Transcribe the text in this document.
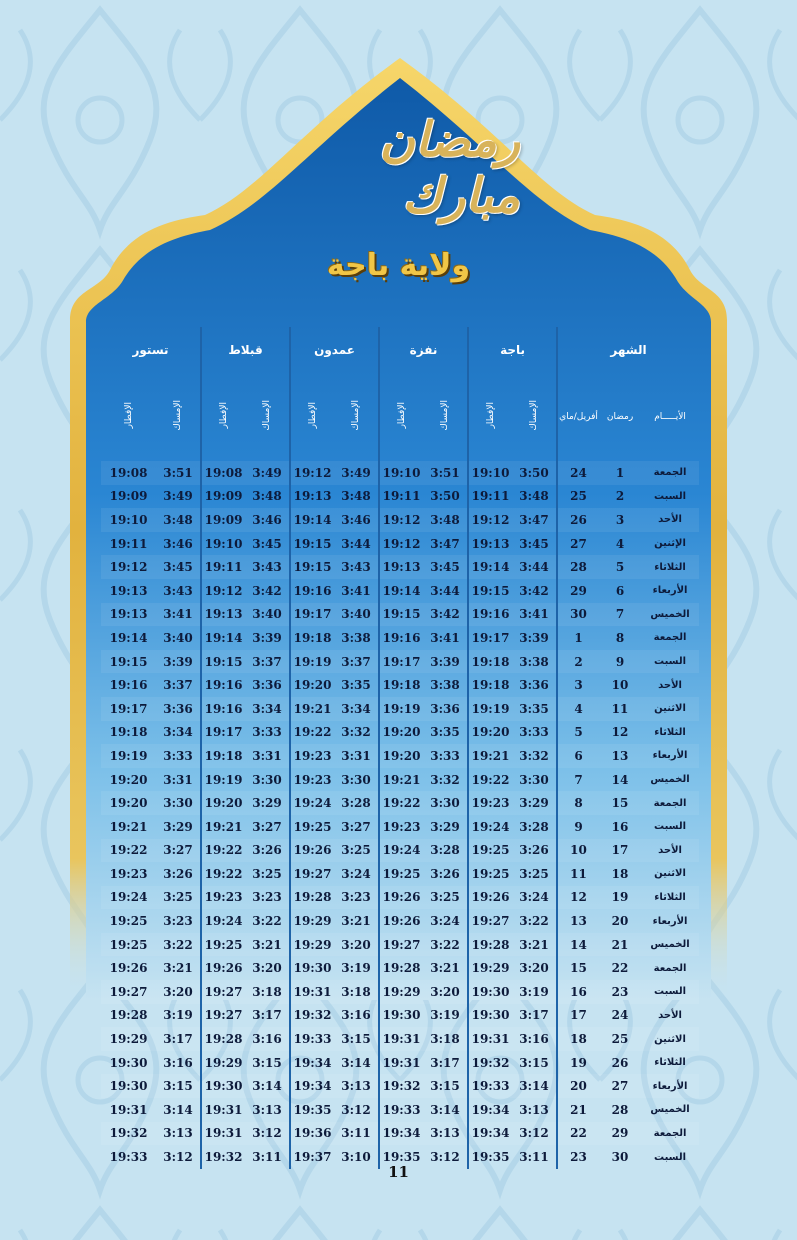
رمضان مبارك
ولاية باجة
الشهر			باجة		نفزة		عمدون		قبلاط		تستور	
الأيـــــام	رمضان	أفريل/ماي	الإمساك	الإفطار	الإمساك	الإفطار	الإمساك	الإفطار	الإمساك	الإفطار	الإمساك	الإفطار
الجمعة	1	24	3:50	19:10	3:51	19:10	3:49	19:12	3:49	19:08	3:51	19:08
السبت	2	25	3:48	19:11	3:50	19:11	3:48	19:13	3:48	19:09	3:49	19:09
الأحد	3	26	3:47	19:12	3:48	19:12	3:46	19:14	3:46	19:09	3:48	19:10
الإثنين	4	27	3:45	19:13	3:47	19:12	3:44	19:15	3:45	19:10	3:46	19:11
الثلاثاء	5	28	3:44	19:14	3:45	19:13	3:43	19:15	3:43	19:11	3:45	19:12
الأربعاء	6	29	3:42	19:15	3:44	19:14	3:41	19:16	3:42	19:12	3:43	19:13
الخميس	7	30	3:41	19:16	3:42	19:15	3:40	19:17	3:40	19:13	3:41	19:13
الجمعة	8	1	3:39	19:17	3:41	19:16	3:38	19:18	3:39	19:14	3:40	19:14
السبت	9	2	3:38	19:18	3:39	19:17	3:37	19:19	3:37	19:15	3:39	19:15
الأحد	10	3	3:36	19:18	3:38	19:18	3:35	19:20	3:36	19:16	3:37	19:16
الاثنين	11	4	3:35	19:19	3:36	19:19	3:34	19:21	3:34	19:16	3:36	19:17
الثلاثاء	12	5	3:33	19:20	3:35	19:20	3:32	19:22	3:33	19:17	3:34	19:18
الأربعاء	13	6	3:32	19:21	3:33	19:20	3:31	19:23	3:31	19:18	3:33	19:19
الخميس	14	7	3:30	19:22	3:32	19:21	3:30	19:23	3:30	19:19	3:31	19:20
الجمعة	15	8	3:29	19:23	3:30	19:22	3:28	19:24	3:29	19:20	3:30	19:20
السبت	16	9	3:28	19:24	3:29	19:23	3:27	19:25	3:27	19:21	3:29	19:21
الأحد	17	10	3:26	19:25	3:28	19:24	3:25	19:26	3:26	19:22	3:27	19:22
الاثنين	18	11	3:25	19:25	3:26	19:25	3:24	19:27	3:25	19:22	3:26	19:23
الثلاثاء	19	12	3:24	19:26	3:25	19:26	3:23	19:28	3:23	19:23	3:25	19:24
الأربعاء	20	13	3:22	19:27	3:24	19:26	3:21	19:29	3:22	19:24	3:23	19:25
الخميس	21	14	3:21	19:28	3:22	19:27	3:20	19:29	3:21	19:25	3:22	19:25
الجمعة	22	15	3:20	19:29	3:21	19:28	3:19	19:30	3:20	19:26	3:21	19:26
السبت	23	16	3:19	19:30	3:20	19:29	3:18	19:31	3:18	19:27	3:20	19:27
الأحد	24	17	3:17	19:30	3:19	19:30	3:16	19:32	3:17	19:27	3:19	19:28
الاثنين	25	18	3:16	19:31	3:18	19:31	3:15	19:33	3:16	19:28	3:17	19:29
الثلاثاء	26	19	3:15	19:32	3:17	19:31	3:14	19:34	3:15	19:29	3:16	19:30
الأربعاء	27	20	3:14	19:33	3:15	19:32	3:13	19:34	3:14	19:30	3:15	19:30
الخميس	28	21	3:13	19:34	3:14	19:33	3:12	19:35	3:13	19:31	3:14	19:31
الجمعة	29	22	3:12	19:34	3:13	19:34	3:11	19:36	3:12	19:31	3:13	19:32
السبت	30	23	3:11	19:35	3:12	19:35	3:10	19:37	3:11	19:32	3:12	19:33
11
